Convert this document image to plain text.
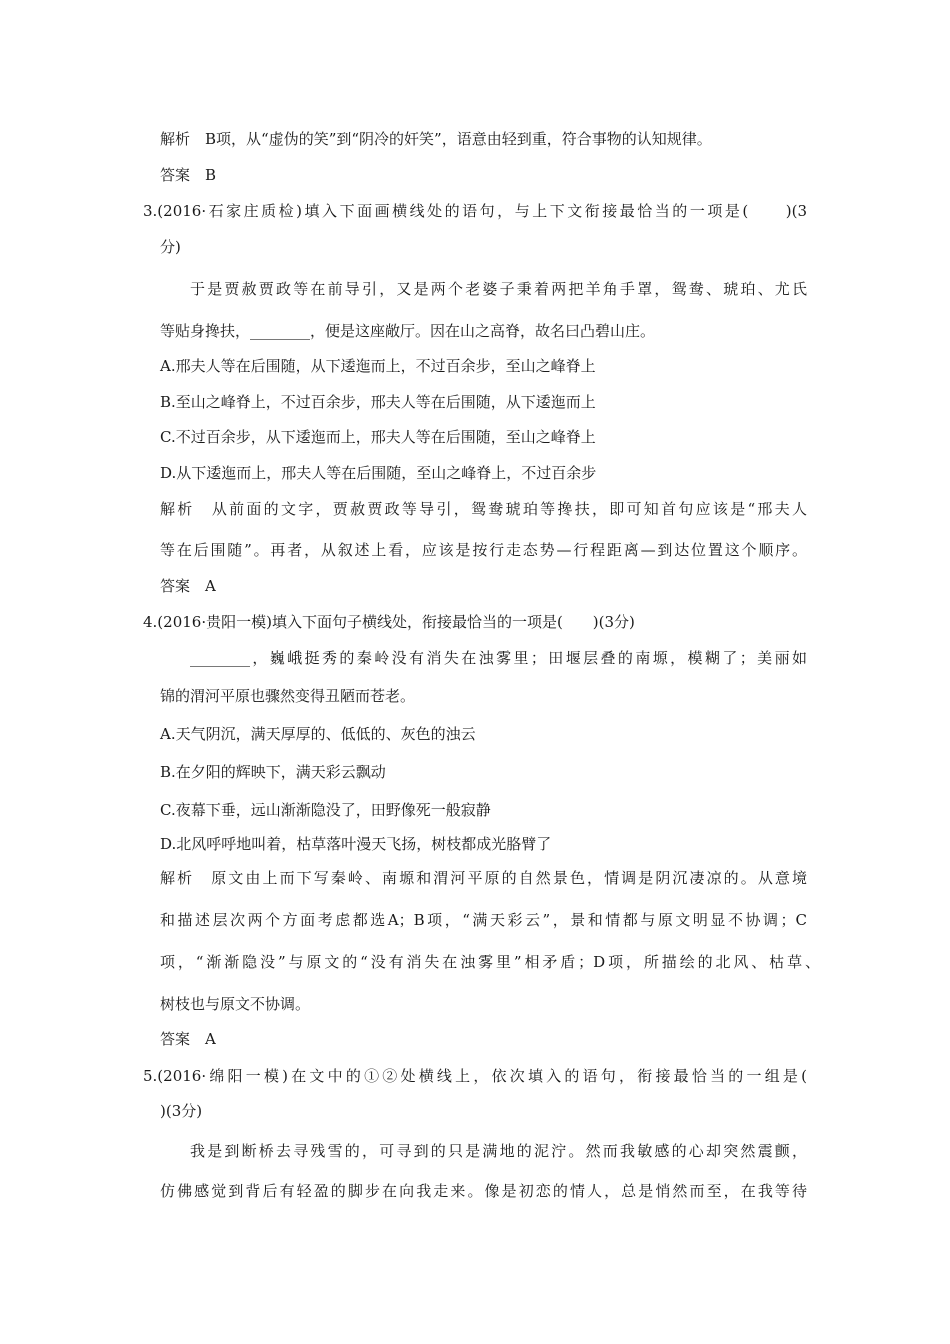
解析　B项，从“虚伪的笑”到“阴冷的奸笑”，语意由轻到重，符合事物的认知规律。
答案　B
3.(2016·石家庄质检)填入下面画横线处的语句，与上下文衔接最恰当的一项是(　　)(3
分)
于是贾赦贾政等在前导引，又是两个老婆子秉着两把羊角手罩，鸳鸯、琥珀、尤氏
等贴身搀扶，________，便是这座敞厅。因在山之高脊，故名曰凸碧山庄。
A.邢夫人等在后围随，从下逶迤而上，不过百余步，至山之峰脊上
B.至山之峰脊上，不过百余步，邢夫人等在后围随，从下逶迤而上
C.不过百余步，从下逶迤而上，邢夫人等在后围随，至山之峰脊上
D.从下逶迤而上，邢夫人等在后围随，至山之峰脊上，不过百余步
解析　从前面的文字，贾赦贾政等导引，鸳鸯琥珀等搀扶，即可知首句应该是“邢夫人
等在后围随”。再者，从叙述上看，应该是按行走态势—行程距离—到达位置这个顺序。
答案　A
4.(2016·贵阳一模)填入下面句子横线处，衔接最恰当的一项是(　　)(3分)
________，巍峨挺秀的秦岭没有消失在浊雾里；田堰层叠的南塬，模糊了；美丽如
锦的渭河平原也骤然变得丑陋而苍老。
A.天气阴沉，满天厚厚的、低低的、灰色的浊云
B.在夕阳的辉映下，满天彩云飘动
C.夜幕下垂，远山渐渐隐没了，田野像死一般寂静
D.北风呼呼地叫着，枯草落叶漫天飞扬，树枝都成光胳臂了
解析　原文由上而下写秦岭、南塬和渭河平原的自然景色，情调是阴沉凄凉的。从意境
和描述层次两个方面考虑都选A；B项，“满天彩云”，景和情都与原文明显不协调；C
项，“渐渐隐没”与原文的“没有消失在浊雾里”相矛盾；D项，所描绘的北风、枯草、
树枝也与原文不协调。
答案　A
5.(2016·绵阳一模)在文中的①②处横线上，依次填入的语句，衔接最恰当的一组是(
)(3分)
我是到断桥去寻残雪的，可寻到的只是满地的泥泞。然而我敏感的心却突然震颤，
仿佛感觉到背后有轻盈的脚步在向我走来。像是初恋的情人，总是悄然而至，在我等待
